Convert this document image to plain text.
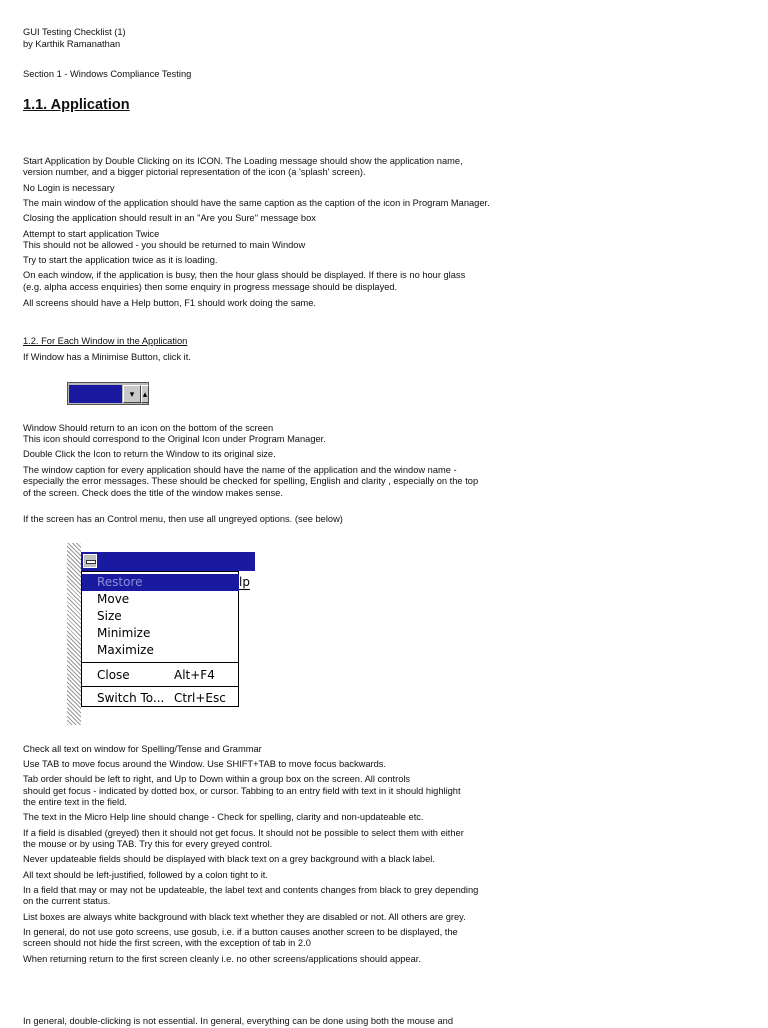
GUI Testing Checklist (1)
by Karthik Ramanathan
Section 1 - Windows Compliance Testing
1.1. Application
Start Application by Double Clicking on its ICON. The Loading message should show the application name,
version number, and a bigger pictorial representation of the icon (a 'splash' screen).
No Login is necessary
The main window of the application should have the same caption as the caption of the icon in Program Manager.
Closing the application should result in an "Are you Sure" message box
Attempt to start application Twice
This should not be allowed - you should be returned to main Window
Try to start the application twice as it is loading.
On each window, if the application is busy, then the hour glass should be displayed. If there is no hour glass
(e.g. alpha access enquiries) then some enquiry in progress message should be displayed.
All screens should have a Help button, F1 should work doing the same.
1.2. For Each Window in the Application
If Window has a Minimise Button, click it.
▾ ▴
Window Should return to an icon on the bottom of the screen
This icon should correspond to the Original Icon under Program Manager.
Double Click the Icon to return the Window to its original size.
The window caption for every application should have the name of the application and the window name -
especially the error messages. These should be checked for spelling, English and clarity , especially on the top
of the screen. Check does the title of the window makes sense.
If the screen has an Control menu, then use all ungreyed options. (see below)
lp
Restore
Move
Size
Minimize
Maximize
Close	Alt+F4
Switch To... Ctrl+Esc
Check all text on window for Spelling/Tense and Grammar
Use TAB to move focus around the Window. Use SHIFT+TAB to move focus backwards.
Tab order should be left to right, and Up to Down within a group box on the screen. All controls
should get focus - indicated by dotted box, or cursor. Tabbing to an entry field with text in it should highlight
the entire text in the field.
The text in the Micro Help line should change - Check for spelling, clarity and non-updateable etc.
If a field is disabled (greyed) then it should not get focus. It should not be possible to select them with either
the mouse or by using TAB. Try this for every greyed control.
Never updateable fields should be displayed with black text on a grey background with a black label.
All text should be left-justified, followed by a colon tight to it.
In a field that may or may not be updateable, the label text and contents changes from black to grey depending
on the current status.
List boxes are always white background with black text whether they are disabled or not. All others are grey.
In general, do not use goto screens, use gosub, i.e. if a button causes another screen to be displayed, the
screen should not hide the first screen, with the exception of tab in 2.0
When returning return to the first screen cleanly i.e. no other screens/applications should appear.
In general, double-clicking is not essential. In general, everything can be done using both the mouse and
